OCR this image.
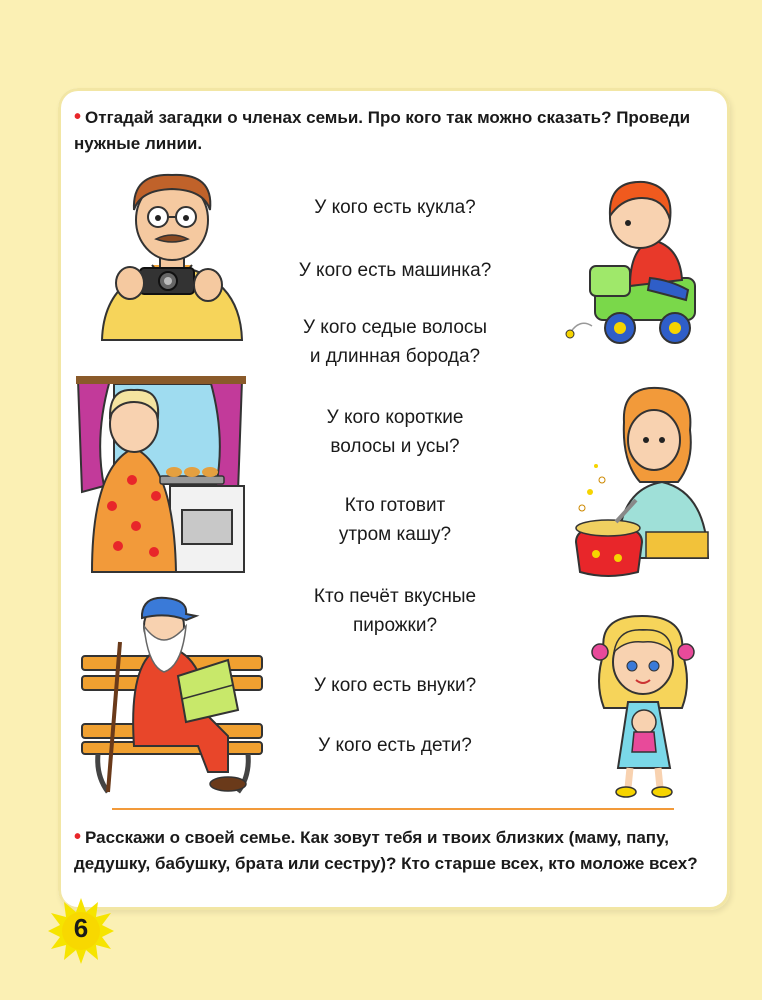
• Отгадай загадки о членах семьи. Про кого так можно сказать? Проведи нужные линии.

У кого есть кукла?
У кого есть машинка?
У кого седые волосы
и длинная борода?
У кого короткие
волосы и усы?
Кто готовит
утром кашу?
Кто печёт вкусные
пирожки?
У кого есть внуки?
У кого есть дети?

• Расскажи о своей семье. Как зовут тебя и твоих близких (маму, папу, дедушку, бабушку, брата или сестру)? Кто старше всех, кто моложе всех?

6
